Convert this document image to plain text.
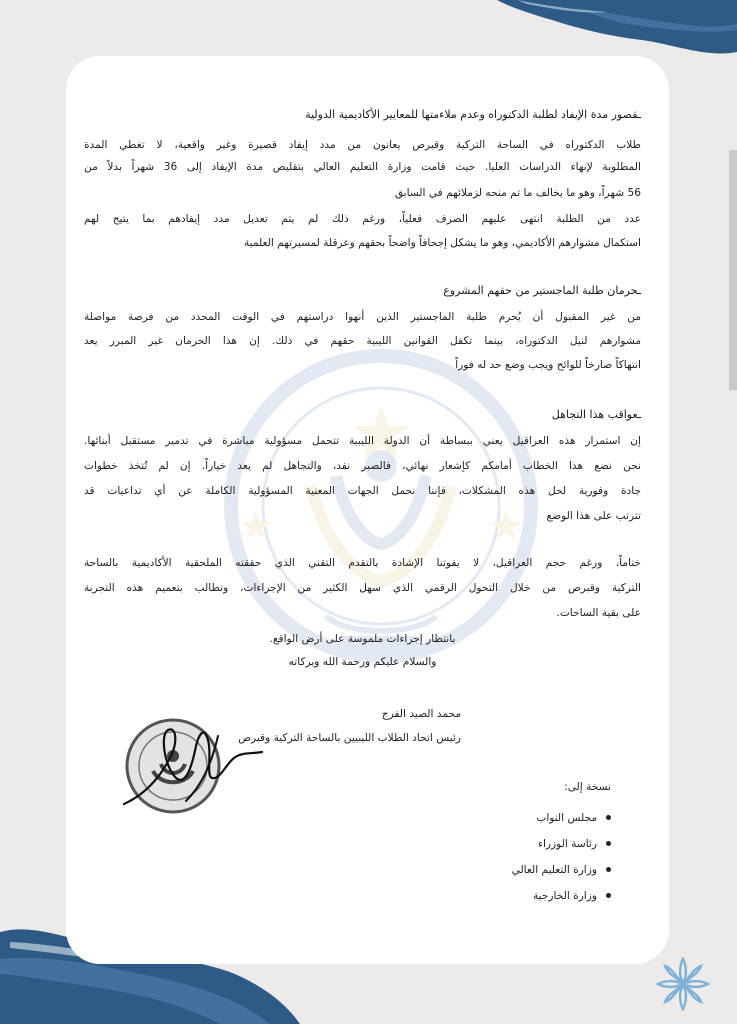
ـقصور مدة الإيفاد لطلبة الدكتوراه وعدم ملاءمتها للمعايير الأكاديمية الدولية
طلاب الدكتوراه في الساحة التركية وقبرص يعانون من مدد إيفاد قصيرة وغير واقعية، لا تغطي المدة
المطلوبة لإنهاء الدراسات العليا. حيث قامت وزارة التعليم العالي بتقليص مدة الإيفاد إلى 36 شهراً بدلاً من
56 شهراً، وهو ما يخالف ما تم منحه لزملائهم في السابق
عدد من الطلبة انتهى عليهم الصرف فعلياً، ورغم ذلك لم يتم تعديل مدد إيفادهم بما يتيح لهم
استكمال مشوارهم الأكاديمي، وهو ما يشكل إجحافاً واضحاً بحقهم وعرقلة لمسيرتهم العلمية
ـحرمان طلبة الماجستير من حقهم المشروع
من غير المقبول أن يُحرم طلبة الماجستير الذين أنهوا دراستهم في الوقت المحدد من فرصة مواصلة
مشوارهم لنيل الدكتوراه، بينما تكفل القوانين الليبية حقهم في ذلك. إن هذا الحرمان غير المبرر يعد
انتهاكاً صارخاً للوائح ويجب وضع حد له فوراً
ـعواقب هذا التجاهل
إن استمرار هذه العراقيل يعني ببساطة أن الدولة الليبية تتحمل مسؤولية مباشرة في تدمير مستقبل أبنائها.
نحن نضع هذا الخطاب أمامكم كإشعار نهائي، فالصبر نفد، والتجاهل لم يعد خياراً. إن لم تُتخذ خطوات
جادة وفورية لحل هذه المشكلات، فإننا نحمل الجهات المعنية المسؤولية الكاملة عن أي تداعيات قد
تترتب على هذا الوضع
ختاماً، ورغم حجم العراقيل، لا يفوتنا الإشادة بالتقدم التقني الذي حققته الملحقية الأكاديمية بالساحة
التركية وقبرص من خلال التحول الرقمي الذي سهل الكثير من الإجراءات، ونطالب بتعميم هذه التجربة
على بقية الساحات.
بانتظار إجراءات ملموسة على أرض الواقع.
والسلام عليكم ورحمة الله وبركاته
محمد الصيد الفرج
رئيس اتحاد الطلاب الليبيين بالساحة التركية وقبرص
نسخة إلى:
مجلس النواب
رئاسة الوزراء
وزارة التعليم العالي
وزارة الخارجية
